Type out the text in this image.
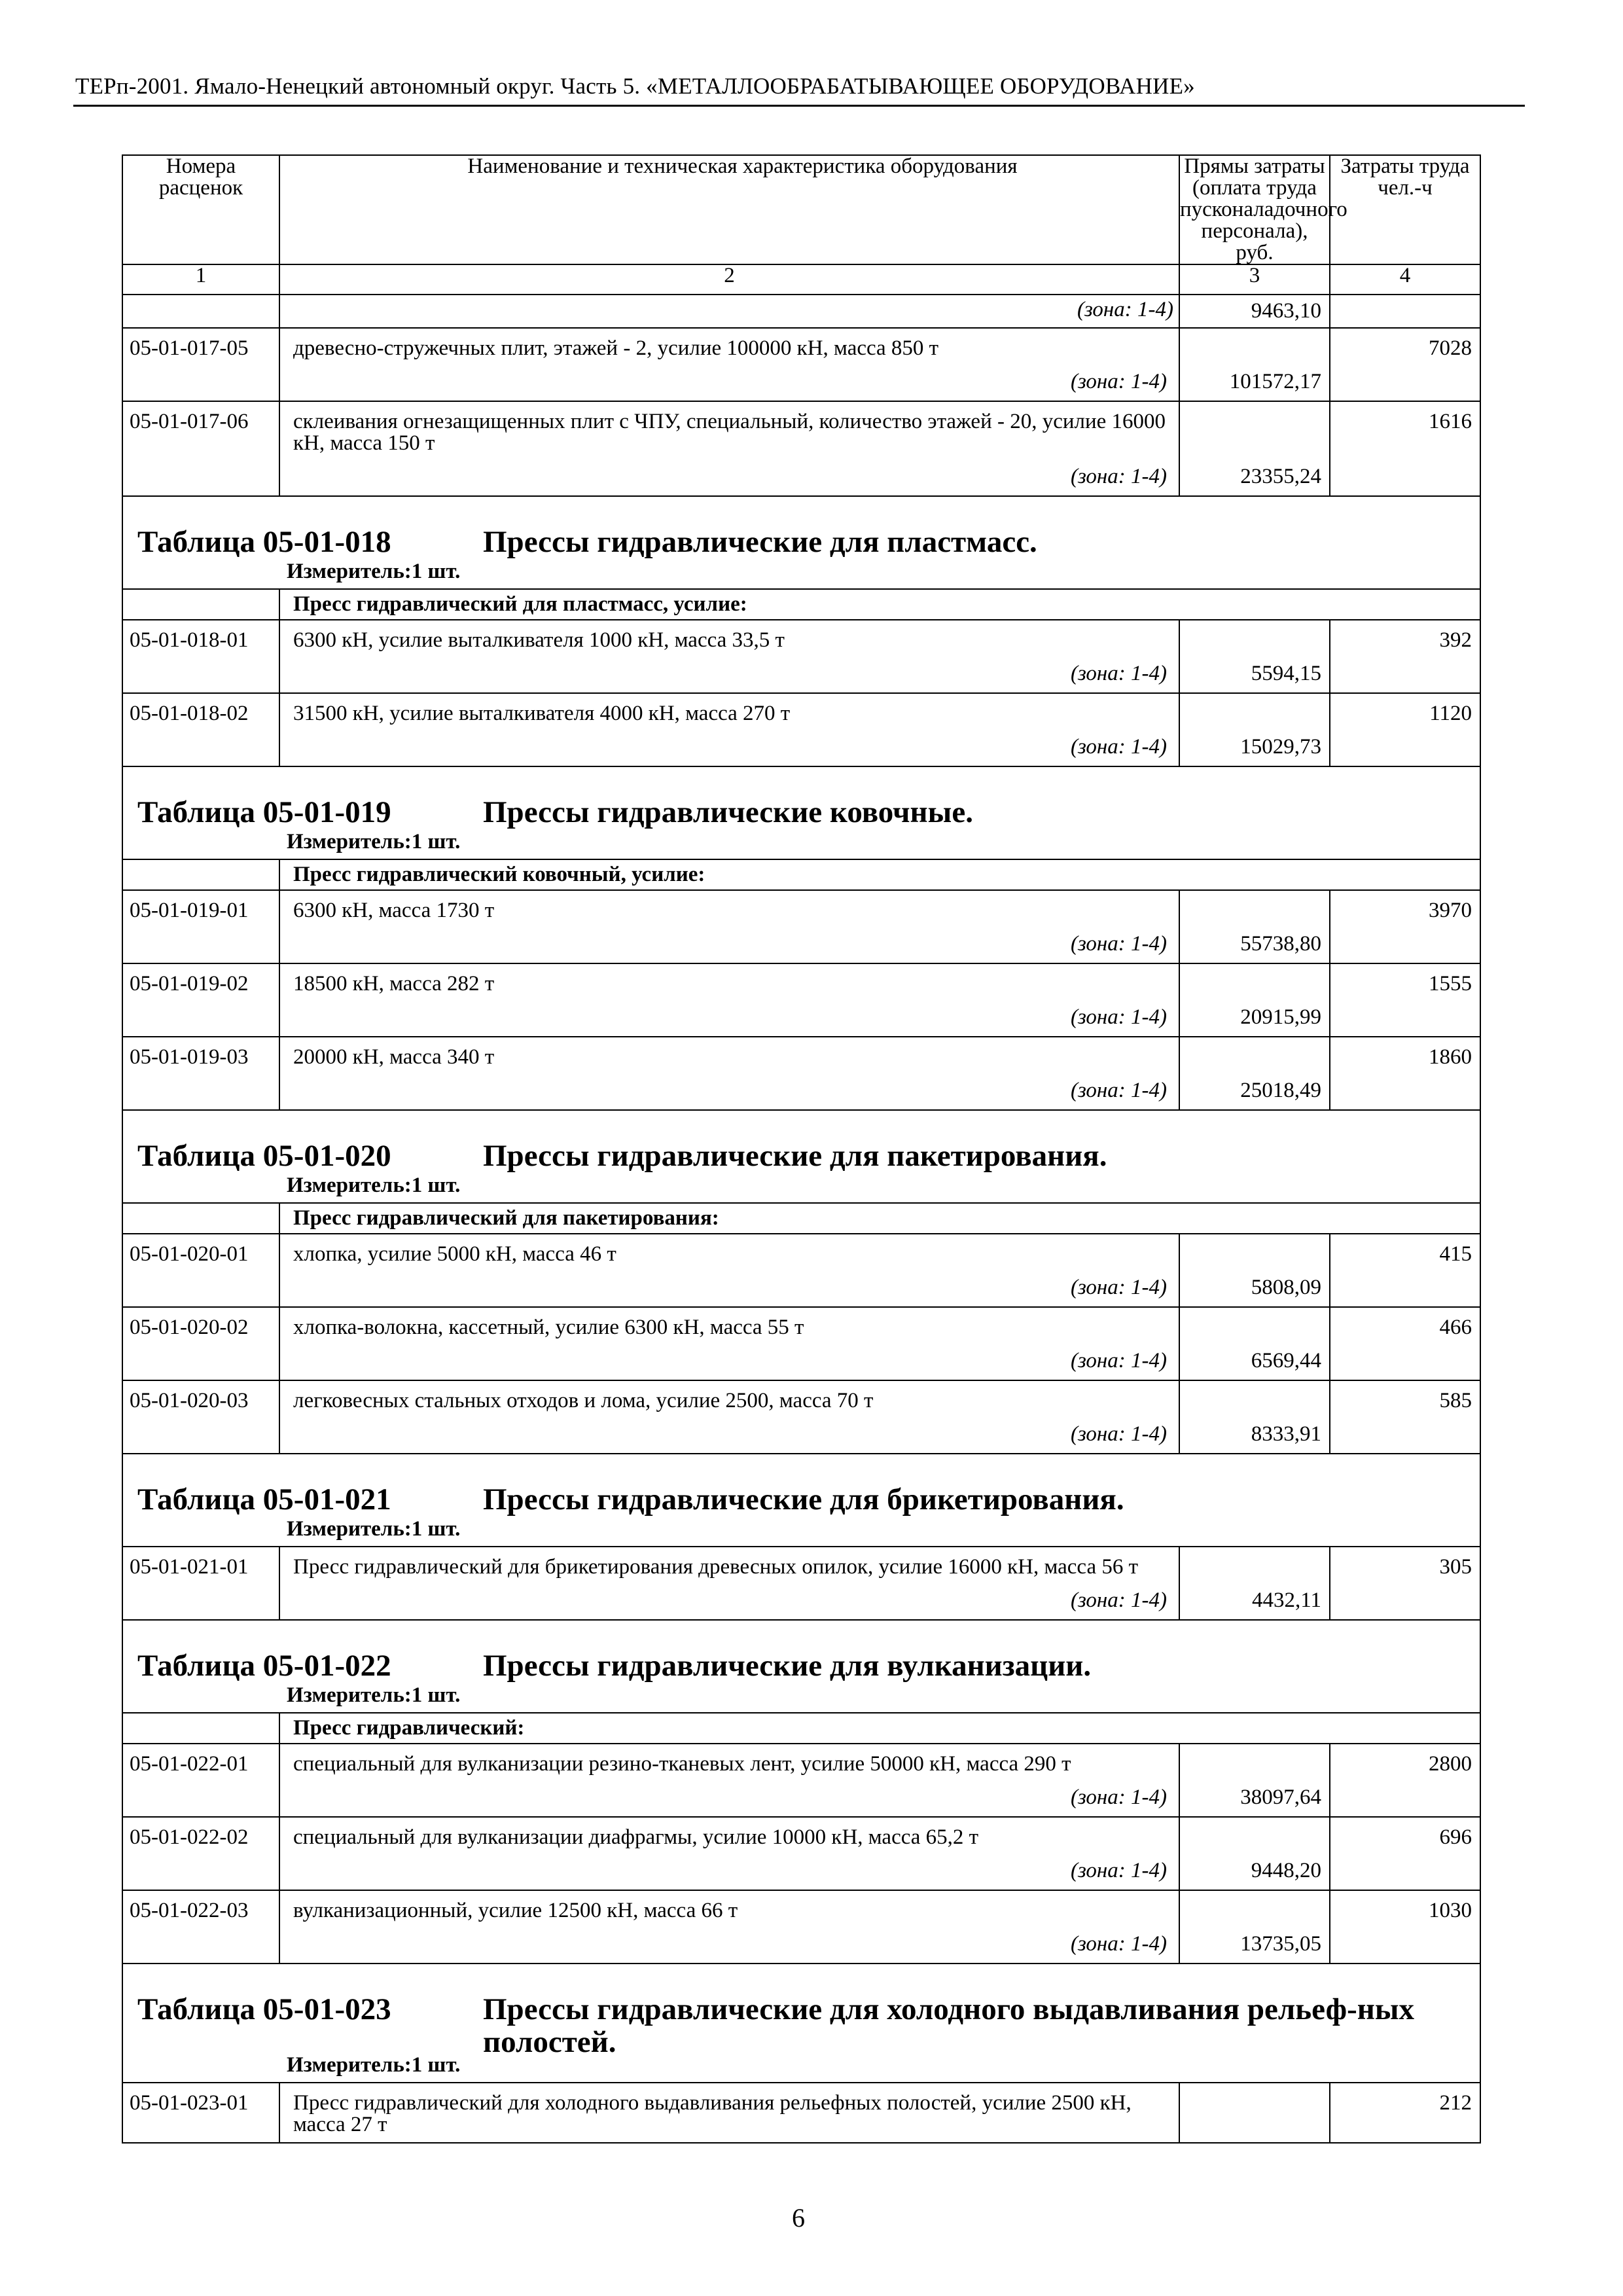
ТЕРп-2001. Ямало-Ненецкий автономный округ. Часть 5. «МЕТАЛЛООБРАБАТЫВАЮЩЕЕ ОБОРУДОВАНИЕ»
Номера расценок	Наименование и техническая характеристика оборудования	Прямы затраты (оплата труда пусконаладочного персонала), руб.	Затраты труда чел.-ч
1	2	3	4

	(зона: 1-4)	9463,10	

05-01-017-05	древесно-стружечных плит, этажей - 2, усилие 100000 кН, масса 850 т
(зона: 1-4)	101572,17	7028
05-01-017-06	склеивания огнезащищенных плит с ЧПУ, специальный, количество этажей - 20, усилие 16000 кН, масса 150 т
(зона: 1-4)	23355,24	1616

Таблица 05-01-018 Прессы гидравлические для пластмасс.
Измеритель:1 шт.			

	Пресс гидравлический для пластмасс, усилие:		
05-01-018-01	6300 кН, усилие выталкивателя 1000 кН, масса 33,5 т
(зона: 1-4)	5594,15	392
05-01-018-02	31500 кН, усилие выталкивателя 4000 кН, масса 270 т
(зона: 1-4)	15029,73	1120

Таблица 05-01-019 Прессы гидравлические ковочные.
Измеритель:1 шт.			

	Пресс гидравлический ковочный, усилие:		
05-01-019-01	6300 кН, масса 1730 т
(зона: 1-4)	55738,80	3970
05-01-019-02	18500 кН, масса 282 т
(зона: 1-4)	20915,99	1555
05-01-019-03	20000 кН, масса 340 т
(зона: 1-4)	25018,49	1860

Таблица 05-01-020 Прессы гидравлические для пакетирования.
Измеритель:1 шт.			

	Пресс гидравлический для пакетирования:		
05-01-020-01	хлопка, усилие 5000 кН, масса 46 т
(зона: 1-4)	5808,09	415
05-01-020-02	хлопка-волокна, кассетный, усилие 6300 кН, масса 55 т
(зона: 1-4)	6569,44	466
05-01-020-03	легковесных стальных отходов и лома, усилие 2500, масса 70 т
(зона: 1-4)	8333,91	585

Таблица 05-01-021 Прессы гидравлические для брикетирования.
Измеритель:1 шт.			

05-01-021-01	Пресс гидравлический для брикетирования древесных опилок, усилие 16000 кН, масса 56 т
(зона: 1-4)	4432,11	305

Таблица 05-01-022 Прессы гидравлические для вулканизации.
Измеритель:1 шт.			

	Пресс гидравлический:		
05-01-022-01	специальный для вулканизации резино-тканевых лент, усилие 50000 кН, масса 290 т
(зона: 1-4)	38097,64	2800
05-01-022-02	специальный для вулканизации диафрагмы, усилие 10000 кН, масса 65,2 т
(зона: 1-4)	9448,20	696
05-01-022-03	вулканизационный, усилие 12500 кН, масса 66 т
(зона: 1-4)	13735,05	1030

Таблица 05-01-023 Прессы гидравлические для холодного выдавливания рельеф-ных полостей.
Измеритель:1 шт.			

05-01-023-01	Пресс гидравлический для холодного выдавливания рельефных полостей, усилие 2500 кН, масса 27 т		212
6
